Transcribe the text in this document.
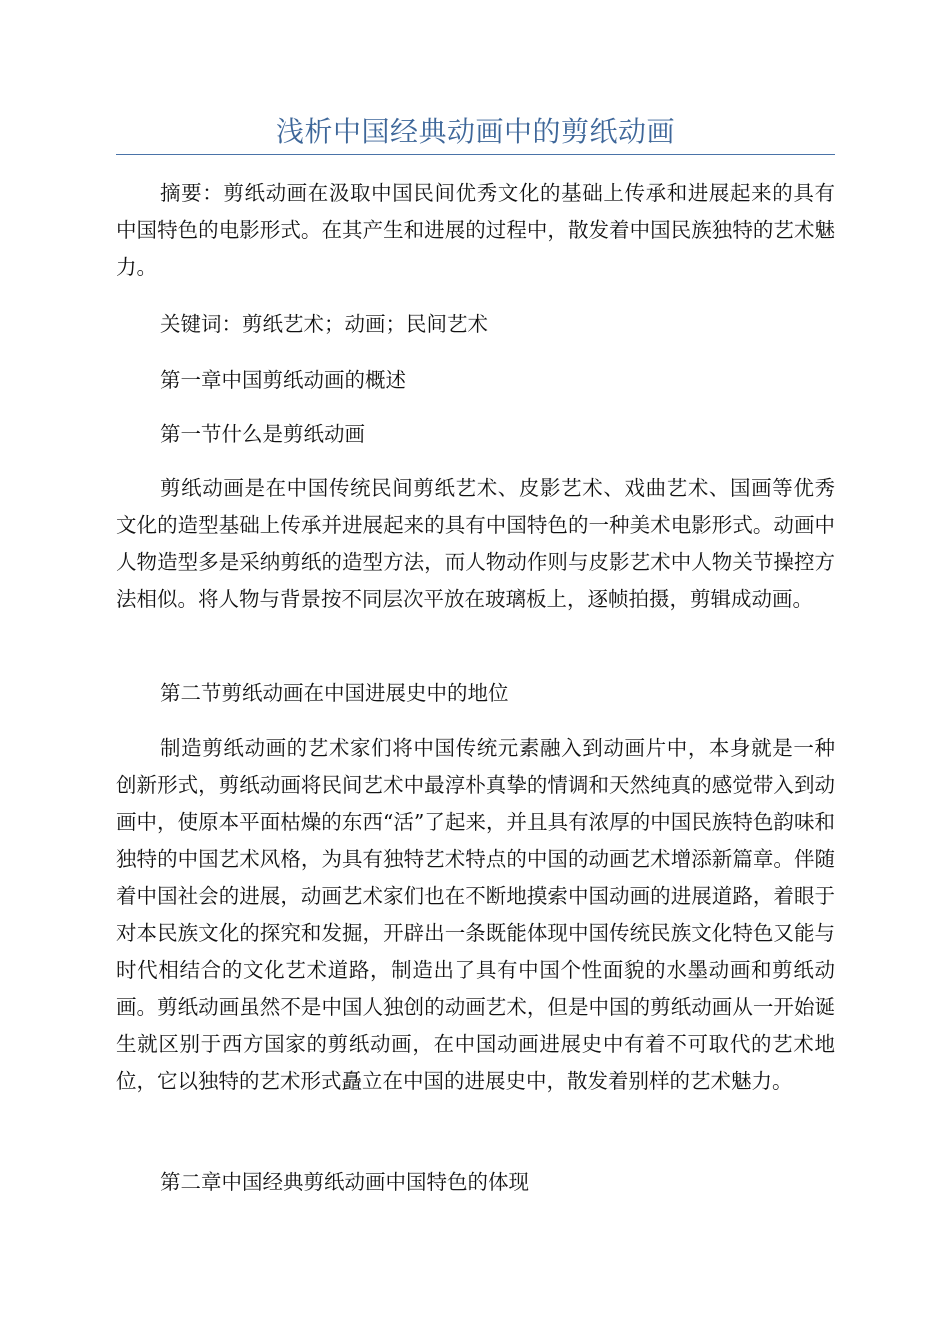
浅析中国经典动画中的剪纸动画

摘要：剪纸动画在汲取中国民间优秀文化的基础上传承和进展起来的具有中国特色的电影形式。在其产生和进展的过程中，散发着中国民族独特的艺术魅力。

关键词：剪纸艺术；动画；民间艺术

第一章中国剪纸动画的概述

第一节什么是剪纸动画

剪纸动画是在中国传统民间剪纸艺术、皮影艺术、戏曲艺术、国画等优秀文化的造型基础上传承并进展起来的具有中国特色的一种美术电影形式。动画中人物造型多是采纳剪纸的造型方法，而人物动作则与皮影艺术中人物关节操控方法相似。将人物与背景按不同层次平放在玻璃板上，逐帧拍摄，剪辑成动画。

第二节剪纸动画在中国进展史中的地位

制造剪纸动画的艺术家们将中国传统元素融入到动画片中，本身就是一种创新形式，剪纸动画将民间艺术中最淳朴真挚的情调和天然纯真的感觉带入到动画中，使原本平面枯燥的东西“活”了起来，并且具有浓厚的中国民族特色韵味和独特的中国艺术风格，为具有独特艺术特点的中国的动画艺术增添新篇章。伴随着中国社会的进展，动画艺术家们也在不断地摸索中国动画的进展道路，着眼于对本民族文化的探究和发掘，开辟出一条既能体现中国传统民族文化特色又能与时代相结合的文化艺术道路，制造出了具有中国个性面貌的水墨动画和剪纸动画。剪纸动画虽然不是中国人独创的动画艺术，但是中国的剪纸动画从一开始诞生就区别于西方国家的剪纸动画，在中国动画进展史中有着不可取代的艺术地位，它以独特的艺术形式矗立在中国的进展史中，散发着别样的艺术魅力。

第二章中国经典剪纸动画中国特色的体现
